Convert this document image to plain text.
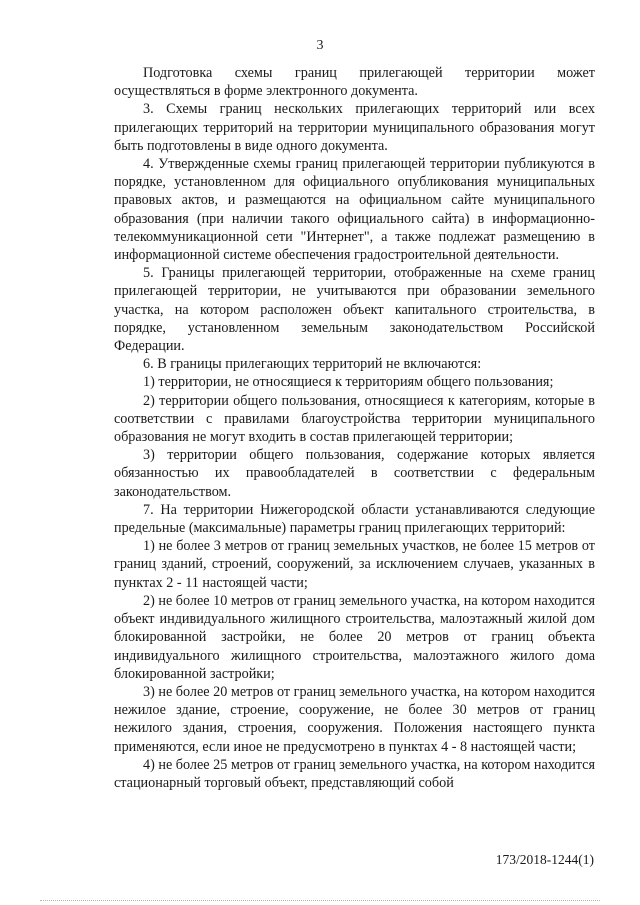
3

Подготовка схемы границ прилегающей территории может осуществляться в форме электронного документа.

3. Схемы границ нескольких прилегающих территорий или всех прилегающих территорий на территории муниципального образования могут быть подготовлены в виде одного документа.

4. Утвержденные схемы границ прилегающей территории публикуются в порядке, установленном для официального опубликования муниципальных правовых актов, и размещаются на официальном сайте муниципального образования (при наличии такого официального сайта) в информационно-телекоммуникационной сети "Интернет", а также подлежат размещению в информационной системе обеспечения градостроительной деятельности.

5. Границы прилегающей территории, отображенные на схеме границ прилегающей территории, не учитываются при образовании земельного участка, на котором расположен объект капитального строительства, в порядке, установленном земельным законодательством Российской Федерации.

6. В границы прилегающих территорий не включаются:

1) территории, не относящиеся к территориям общего пользования;

2) территории общего пользования, относящиеся к категориям, которые в соответствии с правилами благоустройства территории муниципального образования не могут входить в состав прилегающей территории;

3) территории общего пользования, содержание которых является обязанностью их правообладателей в соответствии с федеральным законодательством.

7. На территории Нижегородской области устанавливаются следующие предельные (максимальные) параметры границ прилегающих территорий:

1) не более 3 метров от границ земельных участков, не более 15 метров от границ зданий, строений, сооружений, за исключением случаев, указанных в пунктах 2 - 11 настоящей части;

2) не более 10 метров от границ земельного участка, на котором находится объект индивидуального жилищного строительства, малоэтажный жилой дом блокированной застройки, не более 20 метров от границ объекта индивидуального жилищного строительства, малоэтажного жилого дома блокированной застройки;

3) не более 20 метров от границ земельного участка, на котором находится нежилое здание, строение, сооружение, не более 30 метров от границ нежилого здания, строения, сооружения. Положения настоящего пункта применяются, если иное не предусмотрено в пунктах 4 - 8 настоящей части;

4) не более 25 метров от границ земельного участка, на котором находится стационарный торговый объект, представляющий собой

173/2018-1244(1)
